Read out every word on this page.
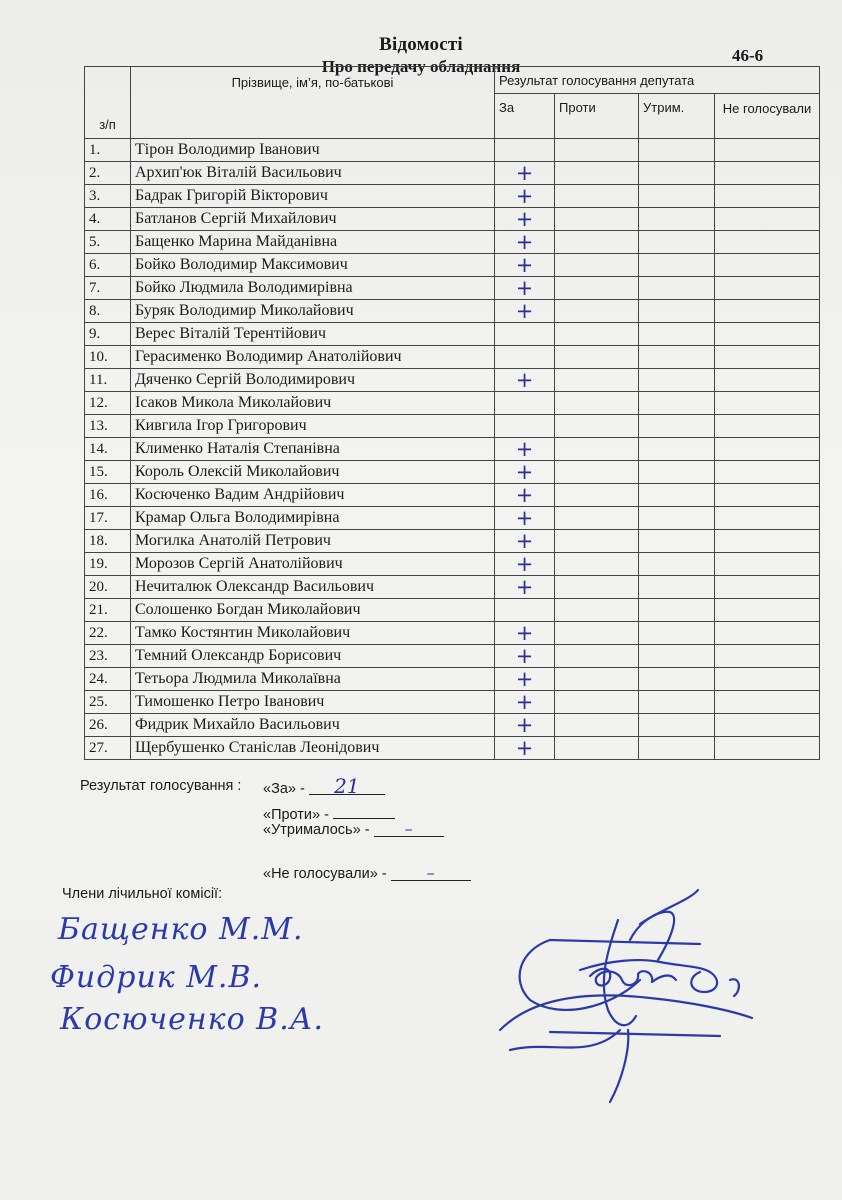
Відомості
Про передачу обладнання
46-6
з/п	Прізвище, ім’я, по-батькові	Результат голосування депутата			
		За	Проти	Утрим.	Не голосували
1.	Тірон Володимир Іванович				
2.	Архип'юк Віталій Васильович	+			
3.	Бадрак Григорій Вікторович	+			
4.	Батланов Сергій Михайлович	+			
5.	Бащенко Марина Майданівна	+			
6.	Бойко Володимир Максимович	+			
7.	Бойко Людмила Володимирівна	+			
8.	Буряк Володимир Миколайович	+			
9.	Верес Віталій Терентійович				
10.	Герасименко Володимир Анатолійович				
11.	Дяченко Сергій Володимирович	+			
12.	Ісаков Микола Миколайович				
13.	Кивгила Ігор Григорович				
14.	Клименко Наталія Степанівна	+			
15.	Король Олексій Миколайович	+			
16.	Косюченко Вадим Андрійович	+			
17.	Крамар Ольга Володимирівна	+			
18.	Могилка Анатолій Петрович	+			
19.	Морозов Сергій Анатолійович	+			
20.	Нечиталюк Олександр Васильович	+			
21.	Солошенко Богдан Миколайович				
22.	Тамко Костянтин Миколайович	+			
23.	Темний Олександр Борисович	+			
24.	Тетьора Людмила Миколаївна	+			
25.	Тимошенко Петро Іванович	+			
26.	Фидрик Михайло Васильович	+			
27.	Щербушенко Станіслав Леонідович	+			
Результат голосування : «За» - 21
«Проти» -
«Утрималось» - –
«Не голосували» -	–
Члени лічильної комісії:
Бащенко М.М.
Фидрик М.В.
Косюченко В.А.
